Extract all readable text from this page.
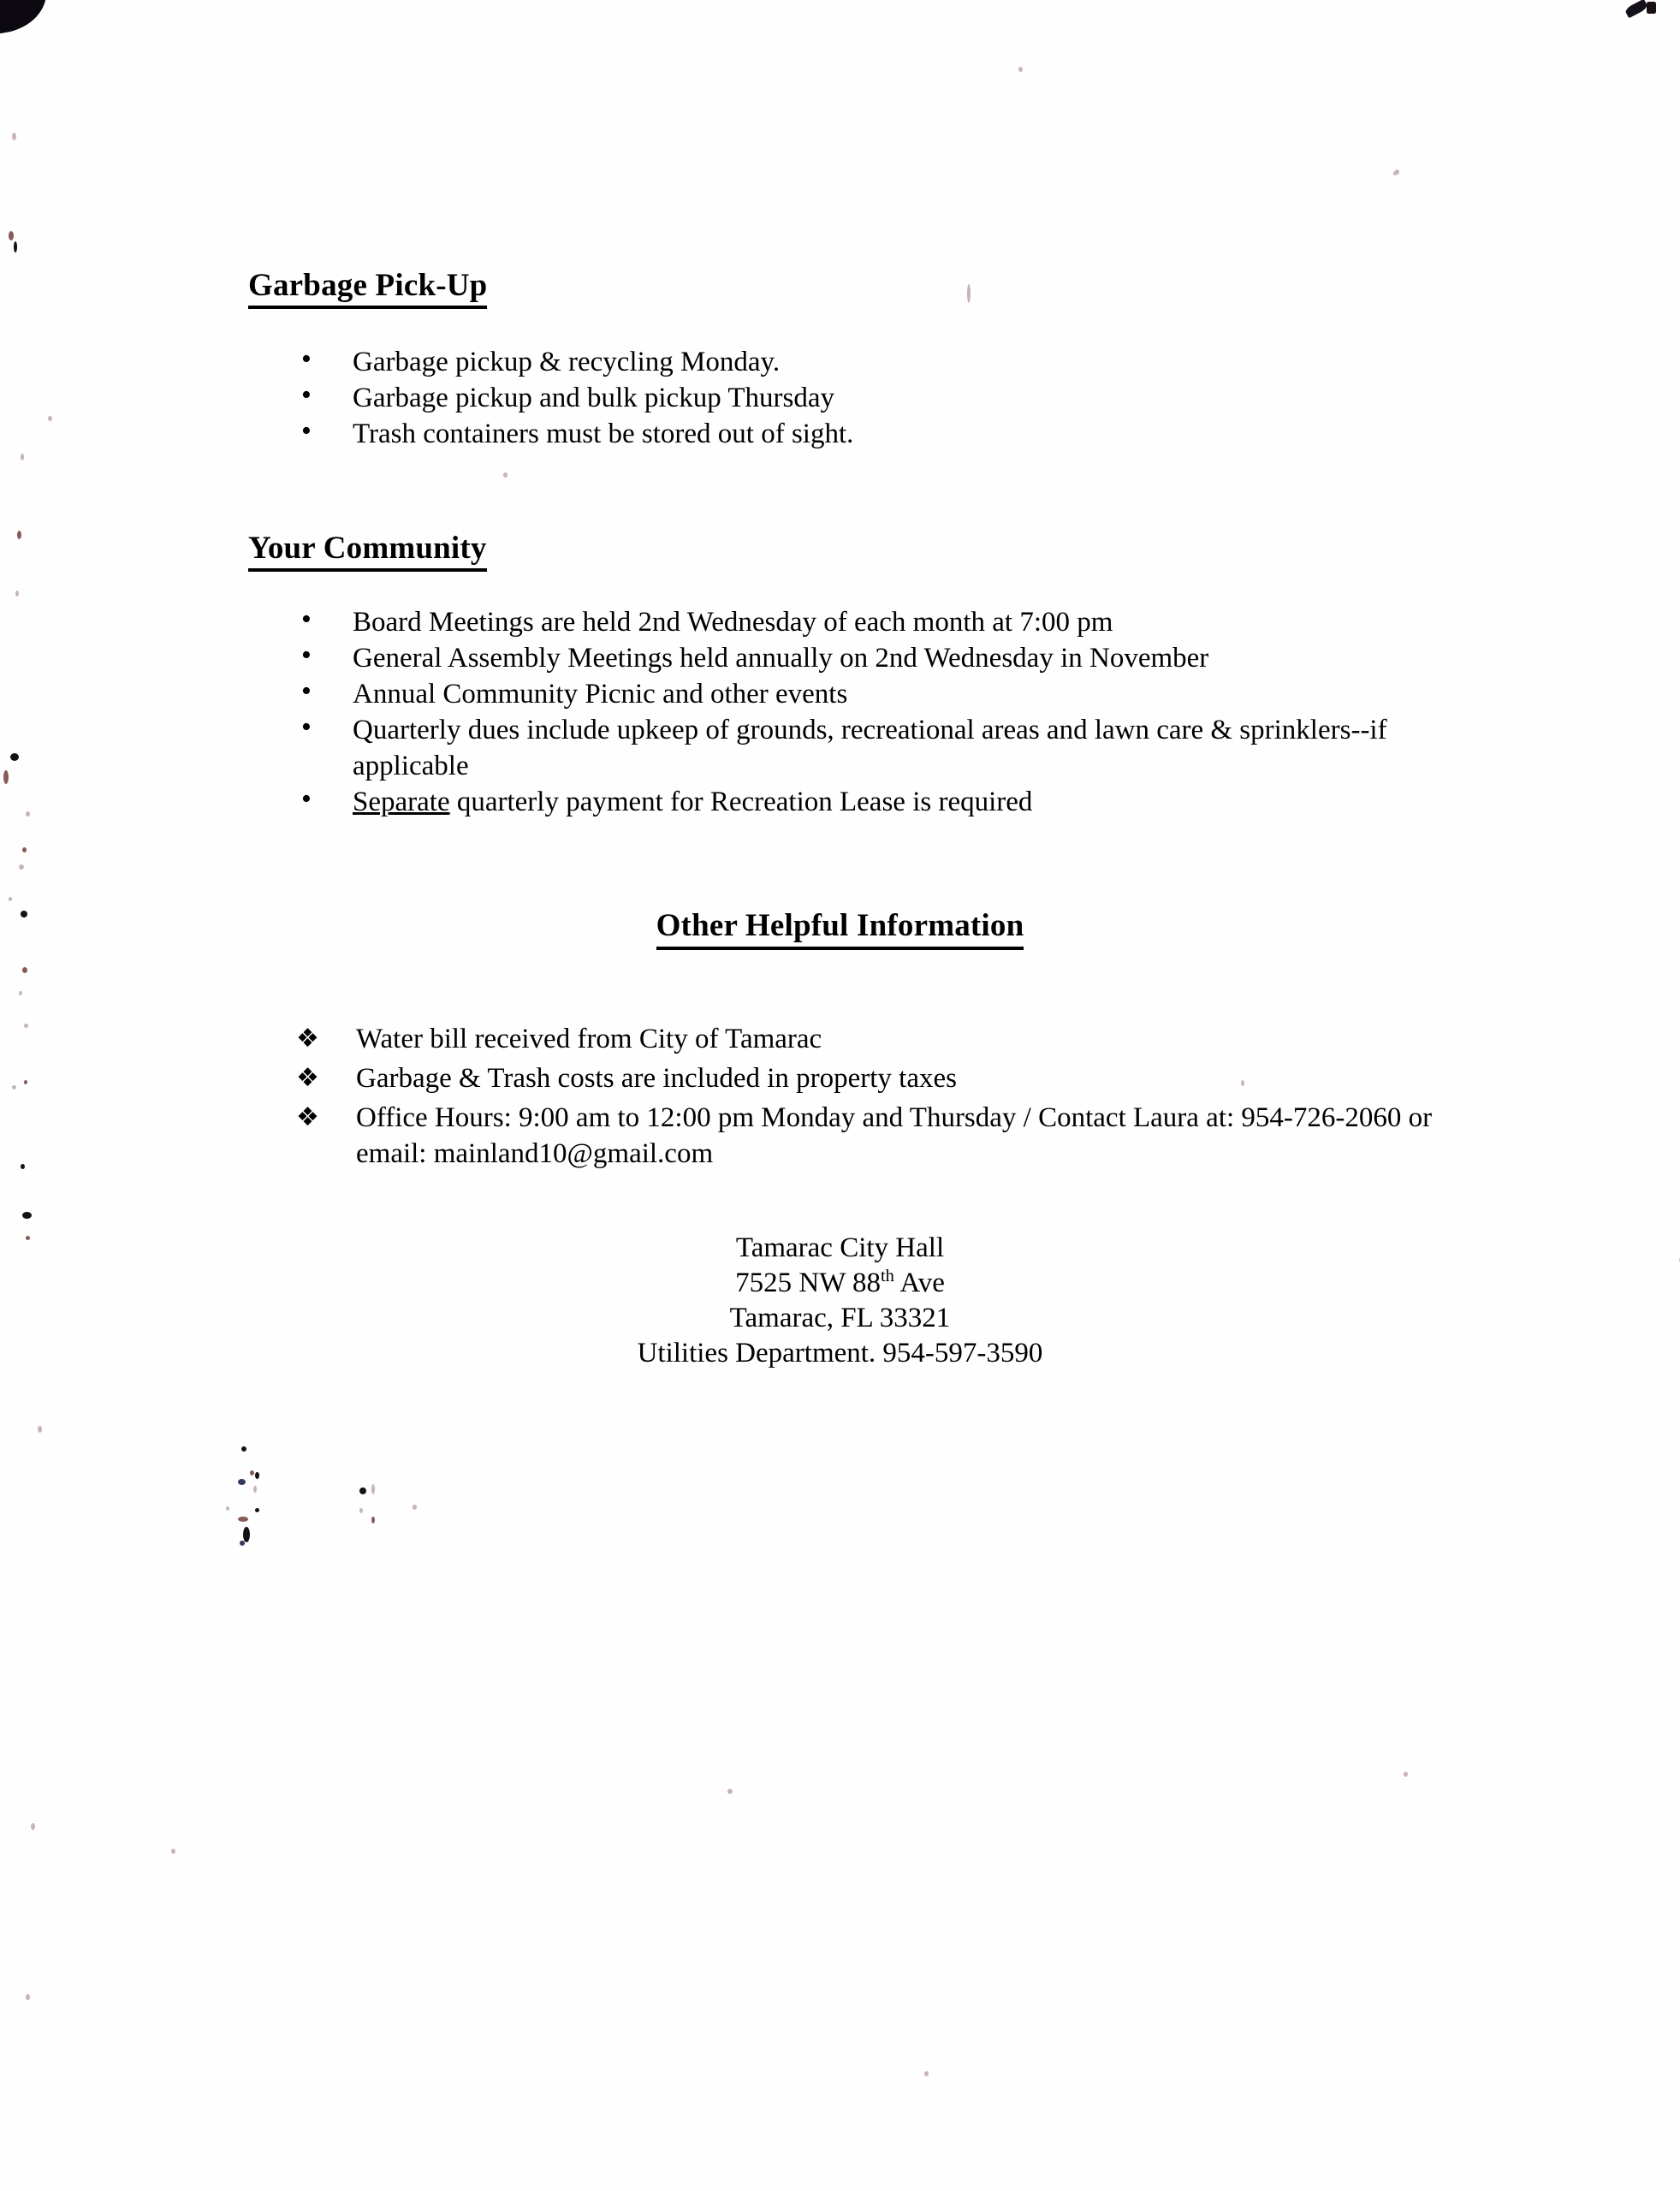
Garbage Pick-Up
• Garbage pickup & recycling Monday.
• Garbage pickup and bulk pickup Thursday
• Trash containers must be stored out of sight.
Your Community
• Board Meetings are held 2nd Wednesday of each month at 7:00 pm
• General Assembly Meetings held annually on 2nd Wednesday in November
• Annual Community Picnic and other events
• Quarterly dues include upkeep of grounds, recreational areas and lawn care & sprinklers--if applicable
• Separate quarterly payment for Recreation Lease is required
Other Helpful Information
❖ Water bill received from City of Tamarac
❖ Garbage & Trash costs are included in property taxes
❖ Office Hours: 9:00 am to 12:00 pm Monday and Thursday / Contact Laura at: 954-726-2060 or email: mainland10@gmail.com
Tamarac City Hall
7525 NW 88th Ave
Tamarac, FL 33321
Utilities Department. 954-597-3590
